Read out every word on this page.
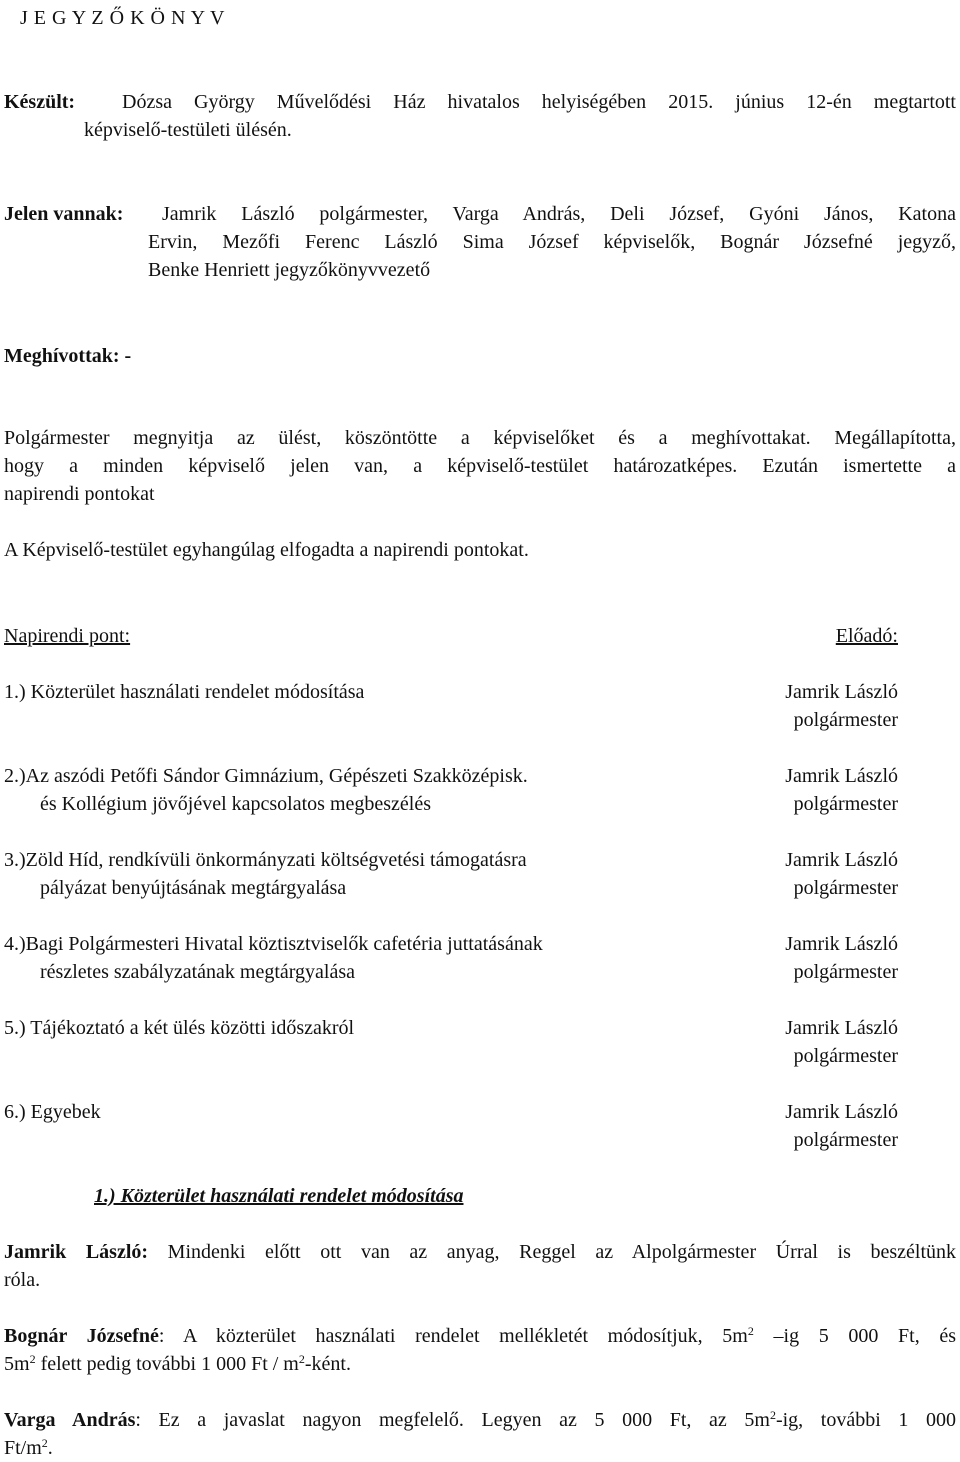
J E G Y Z Ő K Ö N Y V
Készült: Dózsa György Művelődési Ház hivatalos helyiségében 2015. június 12-én megtartott
képviselő-testületi ülésén.
Jelen vannak: Jamrik László polgármester, Varga András, Deli József, Gyóni János, Katona
Ervin, Mezőfi Ferenc László Sima József képviselők, Bognár Józsefné jegyző,
Benke Henriett jegyzőkönyvvezető
Meghívottak: -
Polgármester megnyitja az ülést, köszöntötte a képviselőket és a meghívottakat. Megállapította,
hogy a minden képviselő jelen van, a képviselő-testület határozatképes. Ezután ismertette a
napirendi pontokat
A Képviselő-testület egyhangúlag elfogadta a napirendi pontokat.
Napirendi pont:	Előadó:
1.) Közterület használati rendelet módosítása	Jamrik László
polgármester
2.)Az aszódi Petőfi Sándor Gimnázium, Gépészeti Szakközépisk.	Jamrik László
és Kollégium jövőjével kapcsolatos megbeszélés	polgármester
3.)Zöld Híd, rendkívüli önkormányzati költségvetési támogatásra	Jamrik László
pályázat benyújtásának megtárgyalása	polgármester
4.)Bagi Polgármesteri Hivatal köztisztviselők cafetéria juttatásának	Jamrik László
részletes szabályzatának megtárgyalása	polgármester
5.) Tájékoztató a két ülés közötti időszakról	Jamrik László
polgármester
6.) Egyebek	Jamrik László
polgármester
1.) Közterület használati rendelet módosítása
Jamrik László: Mindenki előtt ott van az anyag, Reggel az Alpolgármester Úrral is beszéltünk
róla.
Bognár Józsefné: A közterület használati rendelet mellékletét módosítjuk, $5m^2$ –ig 5 000 Ft, és
$5m^2$ felett pedig további 1 000 Ft / $m^2$-ként.
Varga András: Ez a javaslat nagyon megfelelő. Legyen az 5 000 Ft, az $5m^2-ig$, további 1 000
$Ft/m^2$.
